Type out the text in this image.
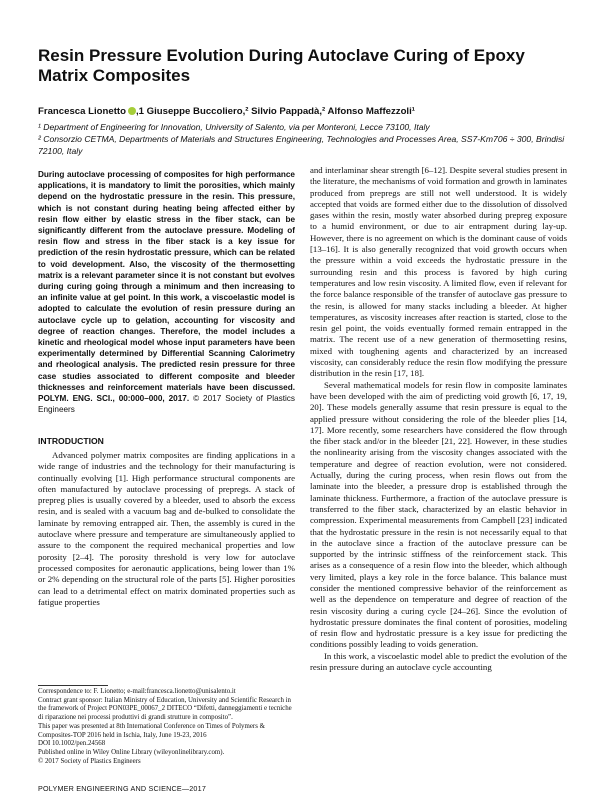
Resin Pressure Evolution During Autoclave Curing of Epoxy Matrix Composites
Francesca Lionetto ,1 Giuseppe Buccoliero,² Silvio Pappadà,² Alfonso Maffezzoli¹
¹ Department of Engineering for Innovation, University of Salento, via per Monteroni, Lecce 73100, Italy
² Consorzio CETMA, Departments of Materials and Structures Engineering, Technologies and Processes Area, SS7-Km706 ÷ 300, Brindisi 72100, Italy
During autoclave processing of composites for high performance applications, it is mandatory to limit the porosities, which mainly depend on the hydrostatic pressure in the resin. This pressure, which is not constant during heating being affected either by resin flow either by elastic stress in the fiber stack, can be significantly different from the autoclave pressure. Modeling of resin flow and stress in the fiber stack is a key issue for prediction of the resin hydrostatic pressure, which can be related to void development. Also, the viscosity of the thermosetting matrix is a relevant parameter since it is not constant but evolves during curing going through a minimum and then increasing to an infinite value at gel point. In this work, a viscoelastic model is adopted to calculate the evolution of resin pressure during an autoclave cycle up to gelation, accounting for viscosity and degree of reaction changes. Therefore, the model includes a kinetic and rheological model whose input parameters have been experimentally determined by Differential Scanning Calorimetry and rheological analysis. The predicted resin pressure for three case studies associated to different composite and bleeder thicknesses and reinforcement materials have been discussed. POLYM. ENG. SCI., 00:000–000, 2017. © 2017 Society of Plastics Engineers
INTRODUCTION
Advanced polymer matrix composites are finding applications in a wide range of industries and the technology for their manufacturing is continually evolving [1]. High performance structural components are often manufactured by autoclave processing of prepregs. A stack of prepreg plies is usually covered by a bleeder, used to absorb the excess resin, and is sealed with a vacuum bag and de-bulked to consolidate the laminate by removing entrapped air. Then, the assembly is cured in the autoclave where pressure and temperature are simultaneously applied to assure to the component the required mechanical properties and low porosity [2–4]. The porosity threshold is very low for autoclave processed composites for aeronautic applications, being lower than 1% or 2% depending on the structural role of the parts [5]. Higher porosities can lead to a detrimental effect on matrix dominated properties such as fatigue properties

Correspondence to: F. Lionetto; e-mail:francesca.lionetto@unisalento.it

Contract grant sponsor: Italian Ministry of Education, University and Scientific Research in the framework of Project PON03PE_00067_2 DITECO “Difetti, danneggiamenti e tecniche di riparazione nei processi produttivi di grandi strutture in composito”.

This paper was presented at 8th International Conference on Times of Polymers & Composites-TOP 2016 held in Ischia, Italy, June 19-23, 2016

DOI 10.1002/pen.24568

Published online in Wiley Online Library (wileyonlinelibrary.com).

© 2017 Society of Plastics Engineers

and interlaminar shear strength [6–12]. Despite several studies present in the literature, the mechanisms of void formation and growth in laminates produced from prepregs are still not well understood. It is widely accepted that voids are formed either due to the dissolution of dissolved gases within the resin, mostly water absorbed during prepreg exposure to a humid environment, or due to air entrapment during lay-up. However, there is no agreement on which is the dominant cause of voids [13–16]. It is also generally recognized that void growth occurs when the pressure within a void exceeds the hydrostatic pressure in the surrounding resin and this process is favored by high curing temperatures and low resin viscosity. A limited flow, even if relevant for the force balance responsible of the transfer of autoclave gas pressure to the resin, is allowed for many stacks including a bleeder. At higher temperatures, as viscosity increases after reaction is started, close to the resin gel point, the voids eventually formed remain entrapped in the matrix. The recent use of a new generation of thermosetting resins, mixed with toughening agents and characterized by an increased viscosity, can considerably reduce the resin flow modifying the pressure distribution in the resin [17, 18].

Several mathematical models for resin flow in composite laminates have been developed with the aim of predicting void growth [6, 17, 19, 20]. These models generally assume that resin pressure is equal to the applied pressure without considering the role of the bleeder plies [14, 17]. More recently, some researchers have considered the flow through the fiber stack and/or in the bleeder [21, 22]. However, in these studies the nonlinearity arising from the viscosity changes associated with the temperature and degree of reaction evolution, were not considered. Actually, during the curing process, when resin flows out from the laminate into the bleeder, a pressure drop is established through the laminate thickness. Furthermore, a fraction of the autoclave pressure is transferred to the fiber stack, characterized by an elastic behavior in compression. Experimental measurements from Campbell [23] indicated that the hydrostatic pressure in the resin is not necessarily equal to that in the autoclave since a fraction of the autoclave pressure can be supported by the intrinsic stiffness of the reinforcement stack. This arises as a consequence of a resin flow into the bleeder, which although very limited, plays a key role in the force balance. This balance must consider the mentioned compressive behavior of the reinforcement as well as the dependence on temperature and degree of reaction of the resin viscosity during a curing cycle [24–26]. Since the evolution of hydrostatic pressure dominates the final content of porosities, modeling of resin flow and hydrostatic pressure is a key issue for predicting the conditions possibly leading to voids generation.

In this work, a viscoelastic model able to predict the evolution of the resin pressure during an autoclave cycle accounting

POLYMER ENGINEERING AND SCIENCE—2017
